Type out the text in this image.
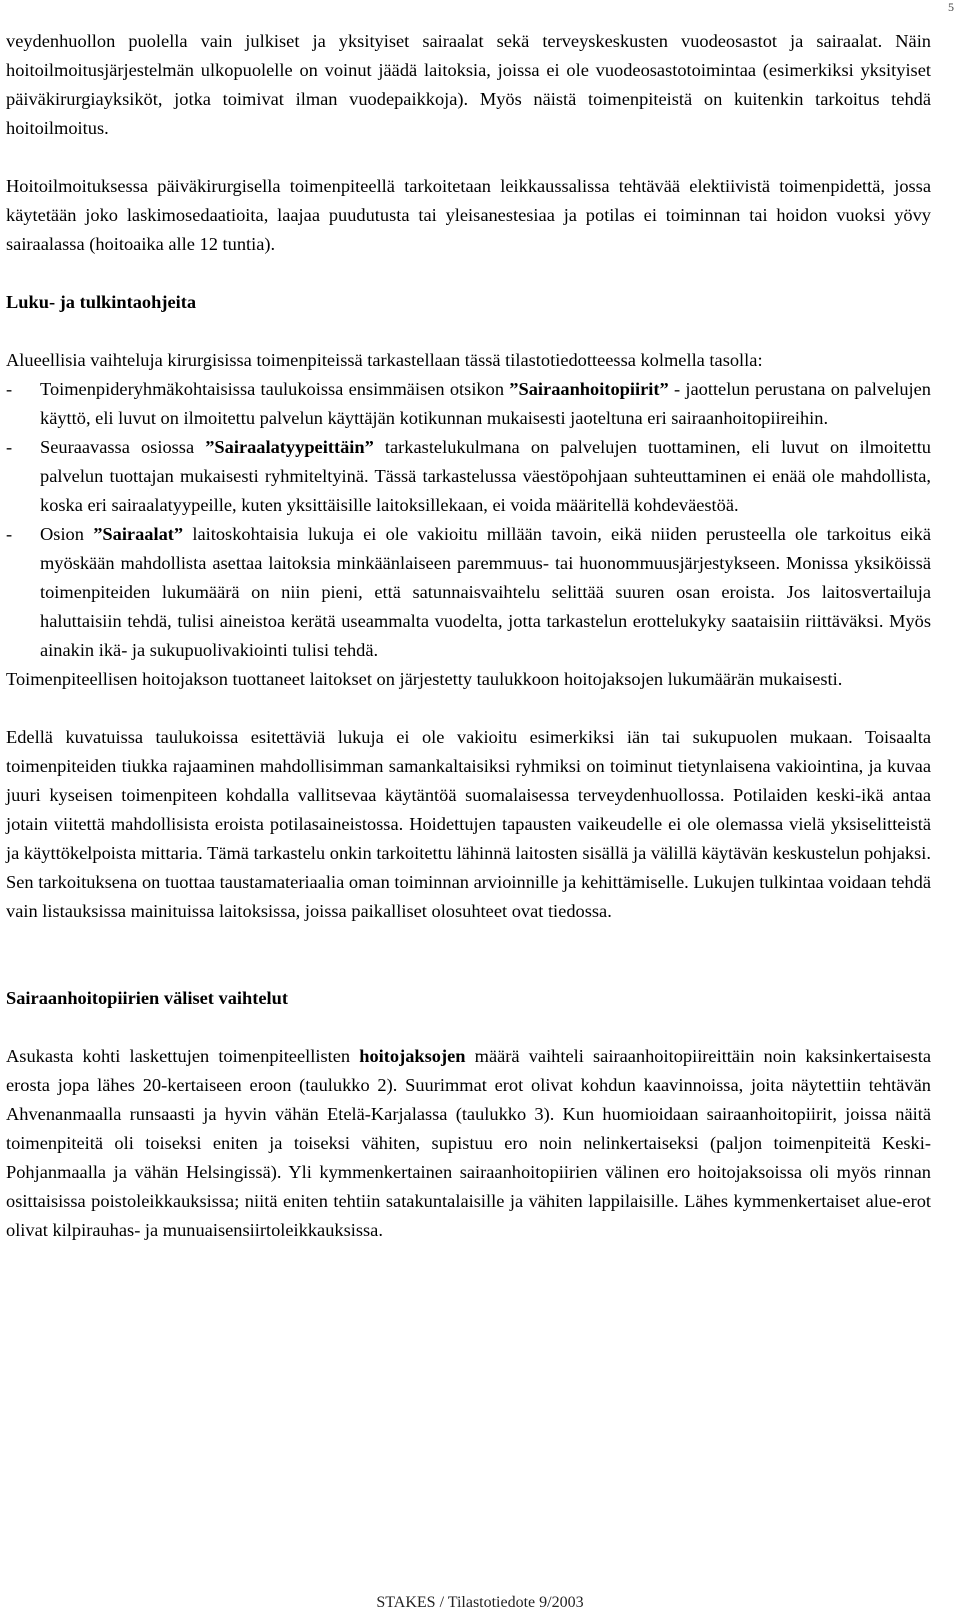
5

veydenhuollon puolella vain julkiset ja yksityiset sairaalat sekä terveyskeskusten vuodeosastot ja sairaalat. Näin hoitoilmoitusjärjestelmän ulkopuolelle on voinut jäädä laitoksia, joissa ei ole vuodeosastotoimintaa (esimerkiksi yksityiset päiväkirurgiayksiköt, jotka toimivat ilman vuodepaikkoja). Myös näistä toimenpiteistä on kuitenkin tarkoitus tehdä hoitoilmoitus.

Hoitoilmoituksessa päiväkirurgisella toimenpiteellä tarkoitetaan leikkaussalissa tehtävää elektiivistä toimenpidettä, jossa käytetään joko laskimosedaatioita, laajaa puudutusta tai yleisanestesiaa ja potilas ei toiminnan tai hoidon vuoksi yövy sairaalassa (hoitoaika alle 12 tuntia).

Luku- ja tulkintaohjeita

Alueellisia vaihteluja kirurgisissa toimenpiteissä tarkastellaan tässä tilastotiedotteessa kolmella tasolla:

-	Toimenpideryhmäkohtaisissa taulukoissa ensimmäisen otsikon ”Sairaanhoitopiirit” - jaottelun perustana on palvelujen käyttö, eli luvut on ilmoitettu palvelun käyttäjän kotikunnan mukaisesti jaoteltuna eri sairaanhoitopiireihin.
-	Seuraavassa osiossa ”Sairaalatyypeittäin” tarkastelukulmana on palvelujen tuottaminen, eli luvut on ilmoitettu palvelun tuottajan mukaisesti ryhmiteltyinä. Tässä tarkastelussa väestöpohjaan suhteuttaminen ei enää ole mahdollista, koska eri sairaalatyypeille, kuten yksittäisille laitoksillekaan, ei voida määritellä kohdeväestöä.
-	Osion ”Sairaalat” laitoskohtaisia lukuja ei ole vakioitu millään tavoin, eikä niiden perusteella ole tarkoitus eikä myöskään mahdollista asettaa laitoksia minkäänlaiseen paremmuus- tai huonommuusjärjestykseen. Monissa yksiköissä toimenpiteiden lukumäärä on niin pieni, että satunnaisvaihtelu selittää suuren osan eroista. Jos laitosvertailuja haluttaisiin tehdä, tulisi aineistoa kerätä useammalta vuodelta, jotta tarkastelun erottelukyky saataisiin riittäväksi. Myös ainakin ikä- ja sukupuolivakiointi tulisi tehdä.

Toimenpiteellisen hoitojakson tuottaneet laitokset on järjestetty taulukkoon hoitojaksojen lukumäärän mukaisesti.

Edellä kuvatuissa taulukoissa esitettäviä lukuja ei ole vakioitu esimerkiksi iän tai sukupuolen mukaan. Toisaalta toimenpiteiden tiukka rajaaminen mahdollisimman samankaltaisiksi ryhmiksi on toiminut tietynlaisena vakiointina, ja kuvaa juuri kyseisen toimenpiteen kohdalla vallitsevaa käytäntöä suomalaisessa terveydenhuollossa. Potilaiden keski-ikä antaa jotain viitettä mahdollisista eroista potilasaineistossa. Hoidettujen tapausten vaikeudelle ei ole olemassa vielä yksiselitteistä ja käyttökelpoista mittaria. Tämä tarkastelu onkin tarkoitettu lähinnä laitosten sisällä ja välillä käytävän keskustelun pohjaksi. Sen tarkoituksena on tuottaa taustamateriaalia oman toiminnan arvioinnille ja kehittämiselle. Lukujen tulkintaa voidaan tehdä vain listauksissa mainituissa laitoksissa, joissa paikalliset olosuhteet ovat tiedossa.

Sairaanhoitopiirien väliset vaihtelut

Asukasta kohti laskettujen toimenpiteellisten hoitojaksojen määrä vaihteli sairaanhoitopiireittäin noin kaksinkertaisesta erosta jopa lähes 20-kertaiseen eroon (taulukko 2). Suurimmat erot olivat kohdun kaavinnoissa, joita näytettiin tehtävän Ahvenanmaalla runsaasti ja hyvin vähän Etelä-Karjalassa (taulukko 3). Kun huomioidaan sairaanhoitopiirit, joissa näitä toimenpiteitä oli toiseksi eniten ja toiseksi vähiten, supistuu ero noin nelinkertaiseksi (paljon toimenpiteitä Keski-Pohjanmaalla ja vähän Helsingissä). Yli kymmenkertainen sairaanhoitopiirien välinen ero hoitojaksoissa oli myös rinnan osittaisissa poistoleikkauksissa; niitä eniten tehtiin satakuntalaisille ja vähiten lappilaisille. Lähes kymmenkertaiset alue-erot olivat kilpirauhas- ja munuaisensiirtoleikkauksissa.

STAKES / Tilastotiedote 9/2003
